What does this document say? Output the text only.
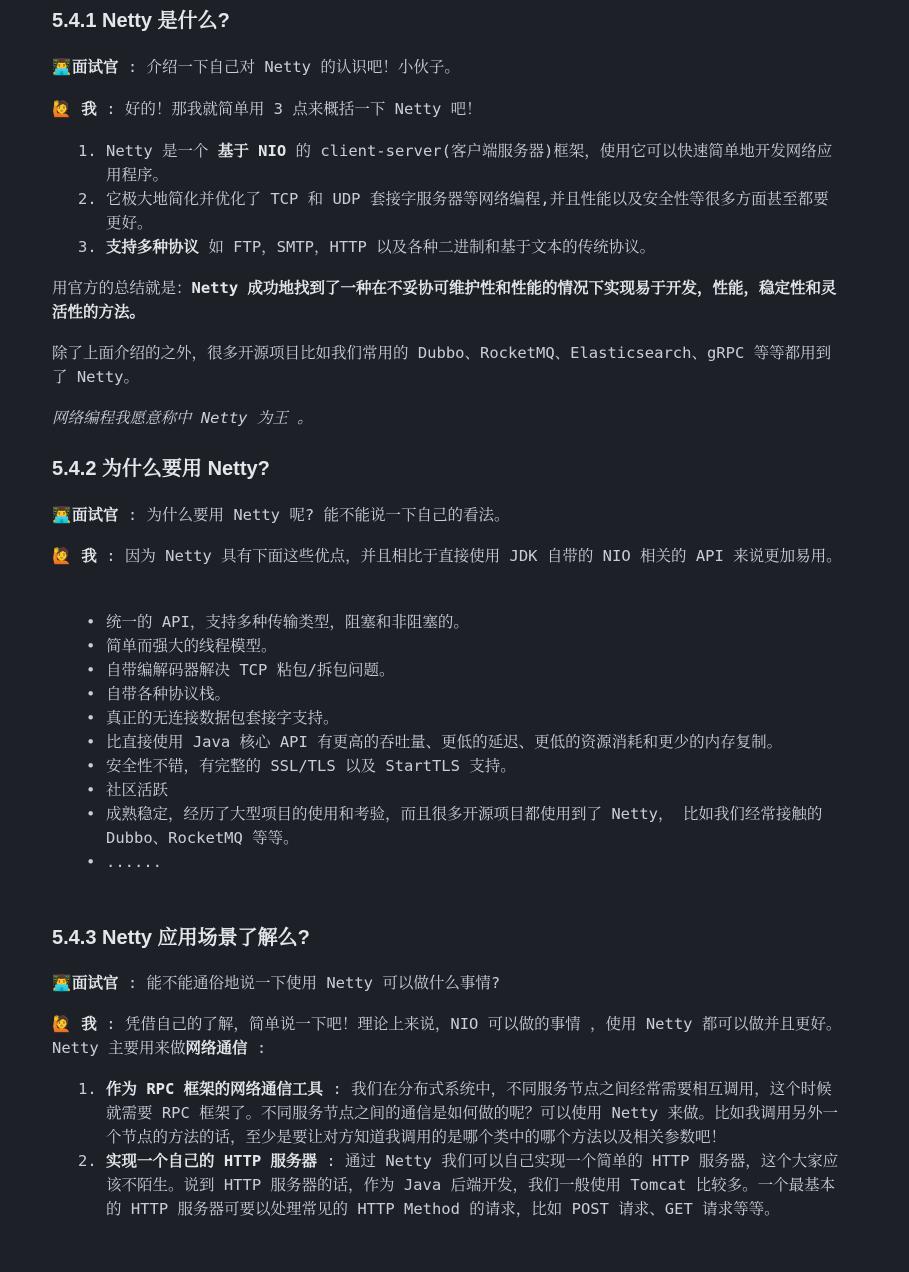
5.4.1 Netty 是什么?

👨‍💻面试官 : 介绍一下自己对 Netty 的认识吧！小伙子。

🙋 我 : 好的！那我就简单用 3 点来概括一下 Netty 吧！

1. Netty 是一个 基于 NIO 的 client-server(客户端服务器)框架，使用它可以快速简单地开发网络应用程序。
2. 它极大地简化并优化了 TCP 和 UDP 套接字服务器等网络编程,并且性能以及安全性等很多方面甚至都要更好。
3. 支持多种协议 如 FTP，SMTP，HTTP 以及各种二进制和基于文本的传统协议。

用官方的总结就是：Netty 成功地找到了一种在不妥协可维护性和性能的情况下实现易于开发，性能，稳定性和灵活性的方法。

除了上面介绍的之外，很多开源项目比如我们常用的 Dubbo、RocketMQ、Elasticsearch、gRPC 等等都用到了 Netty。

网络编程我愿意称中 Netty 为王 。

5.4.2 为什么要用 Netty?

👨‍💻面试官 : 为什么要用 Netty 呢? 能不能说一下自己的看法。

🙋 我 : 因为 Netty 具有下面这些优点，并且相比于直接使用 JDK 自带的 NIO 相关的 API 来说更加易用。

• 统一的 API，支持多种传输类型，阻塞和非阻塞的。
• 简单而强大的线程模型。
• 自带编解码器解决 TCP 粘包/拆包问题。
• 自带各种协议栈。
• 真正的无连接数据包套接字支持。
• 比直接使用 Java 核心 API 有更高的吞吐量、更低的延迟、更低的资源消耗和更少的内存复制。
• 安全性不错，有完整的 SSL/TLS 以及 StartTLS 支持。
• 社区活跃
• 成熟稳定，经历了大型项目的使用和考验，而且很多开源项目都使用到了 Netty， 比如我们经常接触的 Dubbo、RocketMQ 等等。
• ......
5.4.3 Netty 应用场景了解么?

👨‍💻面试官 : 能不能通俗地说一下使用 Netty 可以做什么事情?

🙋 我 : 凭借自己的了解，简单说一下吧！理论上来说，NIO 可以做的事情 ，使用 Netty 都可以做并且更好。Netty 主要用来做网络通信 :

1. 作为 RPC 框架的网络通信工具 : 我们在分布式系统中，不同服务节点之间经常需要相互调用，这个时候就需要 RPC 框架了。不同服务节点之间的通信是如何做的呢？可以使用 Netty 来做。比如我调用另外一个节点的方法的话，至少是要让对方知道我调用的是哪个类中的哪个方法以及相关参数吧！
2. 实现一个自己的 HTTP 服务器 : 通过 Netty 我们可以自己实现一个简单的 HTTP 服务器，这个大家应该不陌生。说到 HTTP 服务器的话，作为 Java 后端开发，我们一般使用 Tomcat 比较多。一个最基本的 HTTP 服务器可要以处理常见的 HTTP Method 的请求，比如 POST 请求、GET 请求等等。
